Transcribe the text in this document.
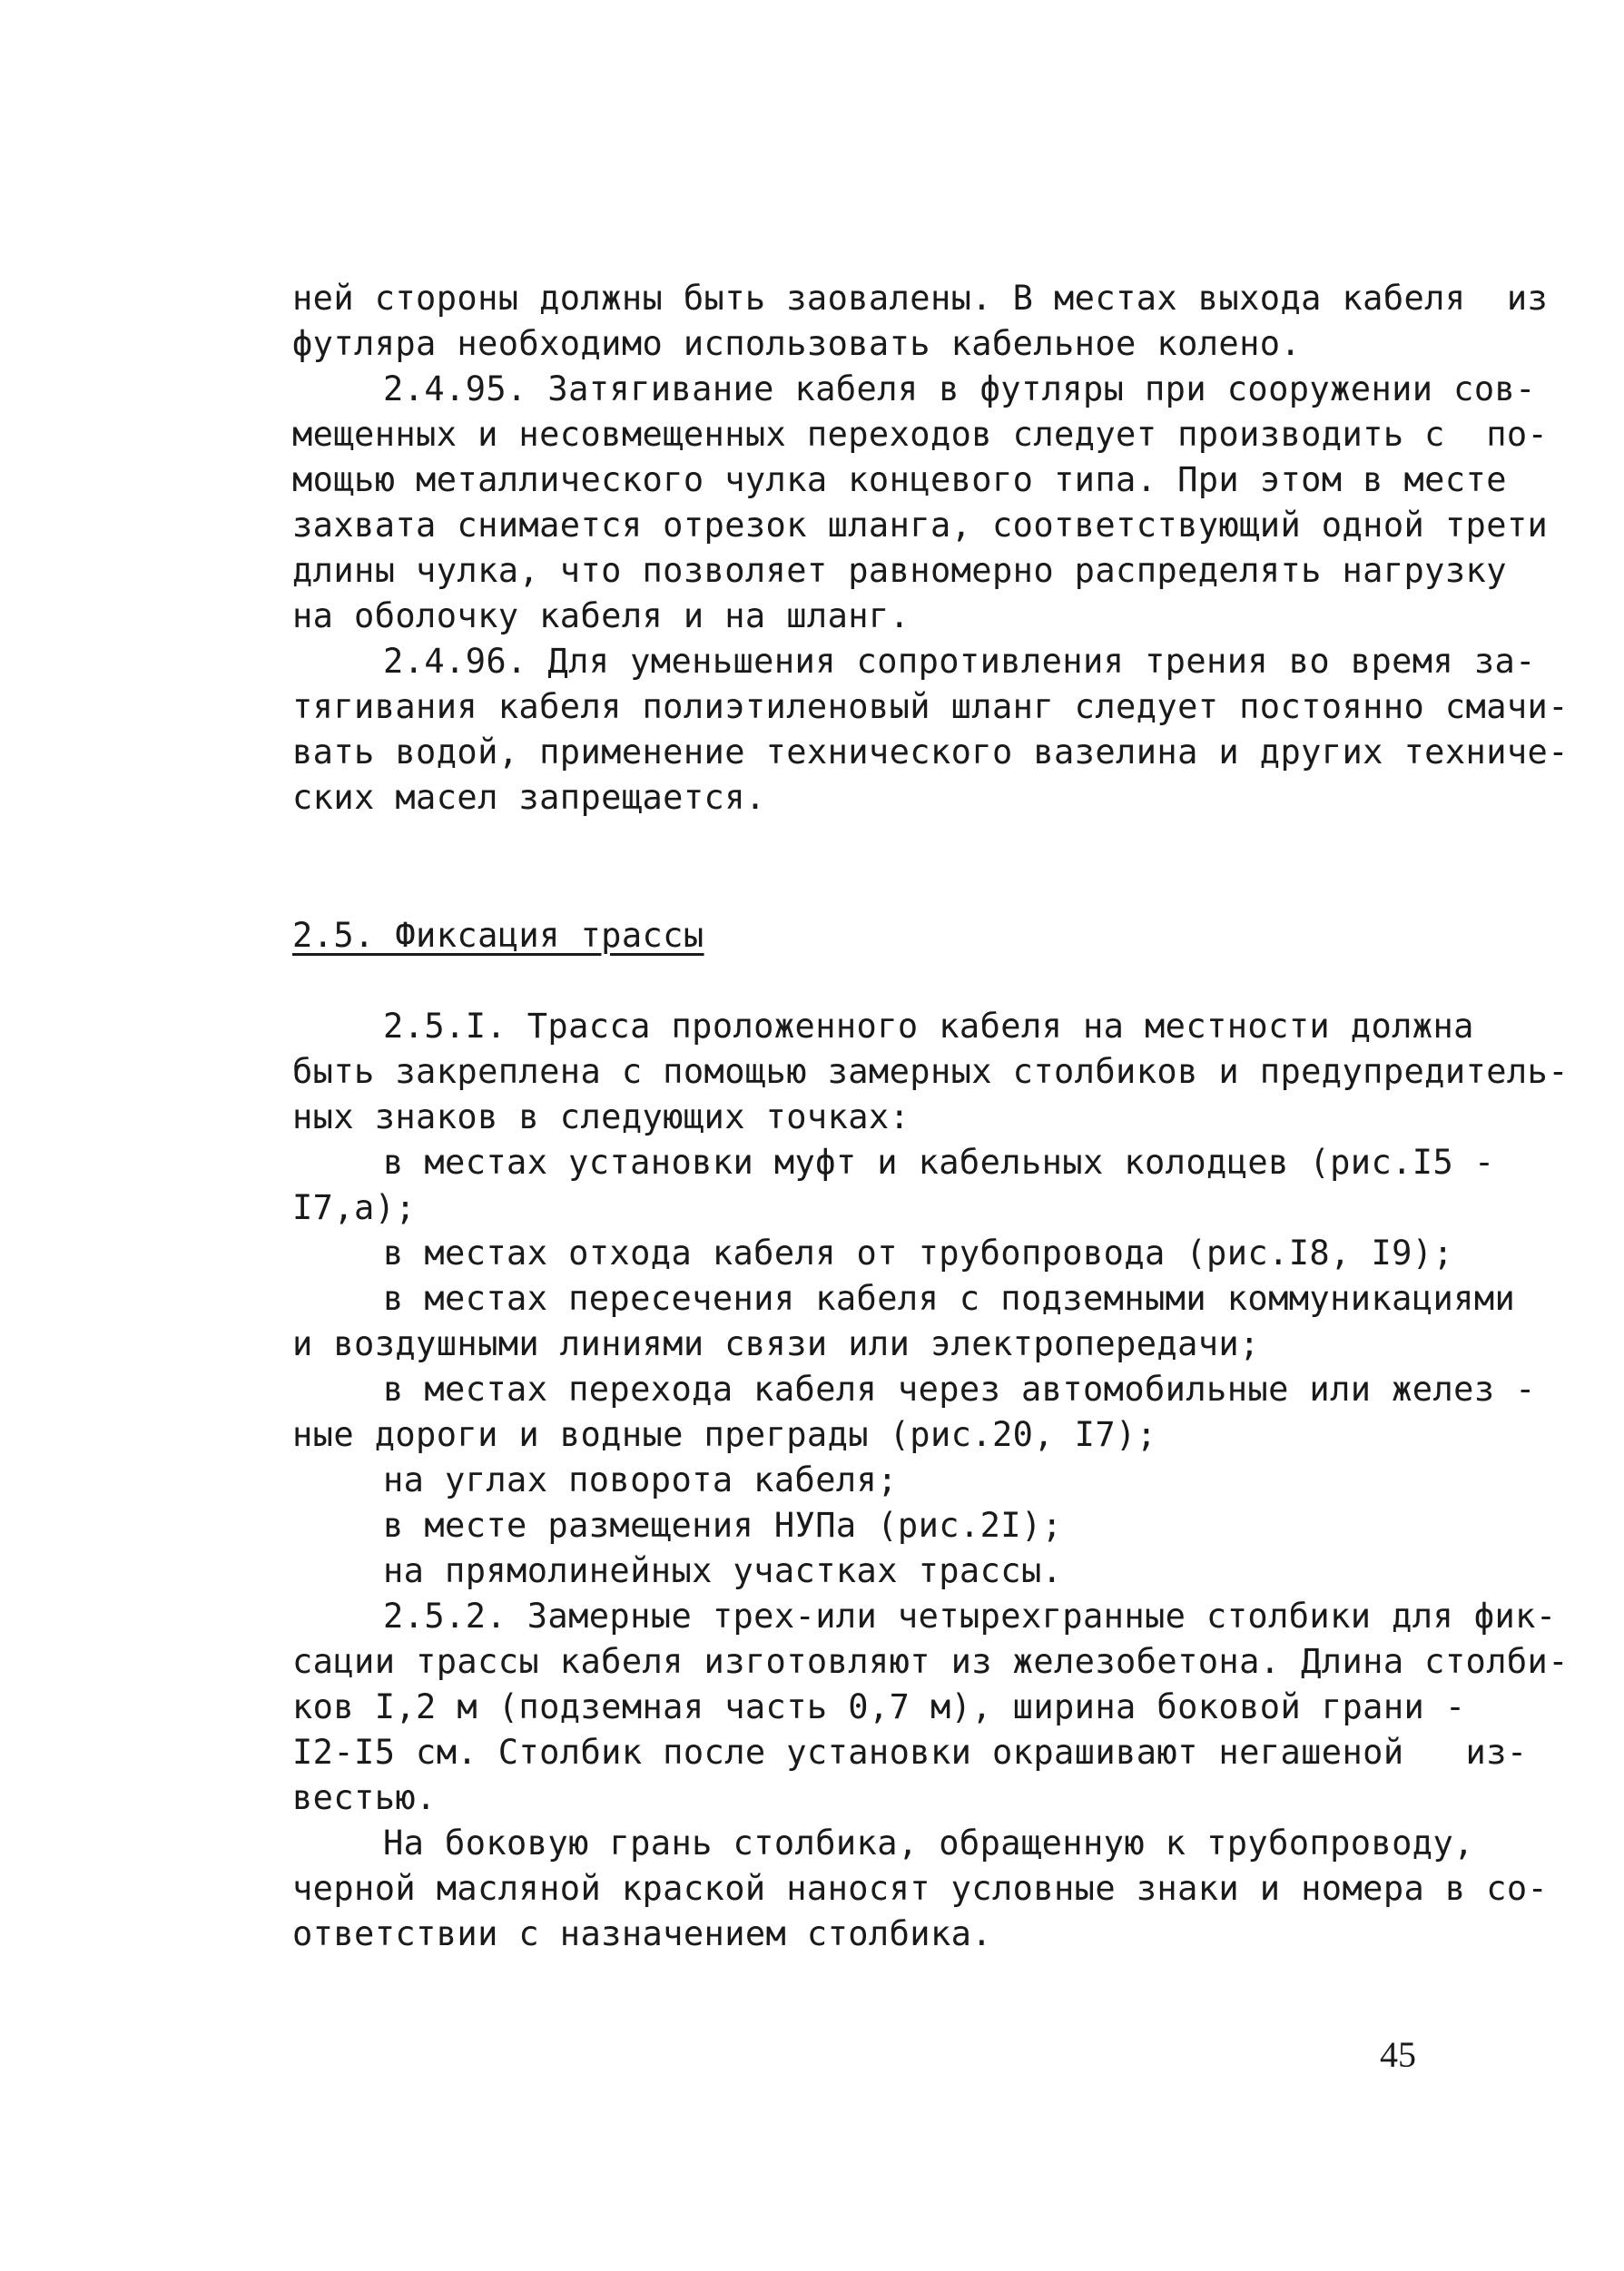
ней стороны должны быть заовалены. В местах выхода кабеля  из
футляра необходимо использовать кабельное колено.
2.4.95. Затягивание кабеля в футляры при сооружении сов-
мещенных и несовмещенных переходов следует производить с  по-
мощью металлического чулка концевого типа. При этом в месте
захвата снимается отрезок шланга, соответствующий одной трети
длины чулка, что позволяет равномерно распределять нагрузку
на оболочку кабеля и на шланг.
2.4.96. Для уменьшения сопротивления трения во время за-
тягивания кабеля полиэтиленовый шланг следует постоянно смачи-
вать водой, применение технического вазелина и других техниче-
ских масел запрещается.
2.5. Фиксация трассы
2.5.I. Трасса проложенного кабеля на местности должна
быть закреплена с помощью замерных столбиков и предупредитель-
ных знаков в следующих точках:
в местах установки муфт и кабельных колодцев (рис.I5 -
I7,а);
в местах отхода кабеля от трубопровода (рис.I8, I9);
в местах пересечения кабеля с подземными коммуникациями
и воздушными линиями связи или электропередачи;
в местах перехода кабеля через автомобильные или желез -
ные дороги и водные преграды (рис.20, I7);
на углах поворота кабеля;
в месте размещения НУПа (рис.2I);
на прямолинейных участках трассы.
2.5.2. Замерные трех-или четырехгранные столбики для фик-
сации трассы кабеля изготовляют из железобетона. Длина столби-
ков I,2 м (подземная часть 0,7 м), ширина боковой грани -
I2-I5 см. Столбик после установки окрашивают негашеной   из-
вестью.
На боковую грань столбика, обращенную к трубопроводу,
черной масляной краской наносят условные знаки и номера в со-
ответствии с назначением столбика.
45
